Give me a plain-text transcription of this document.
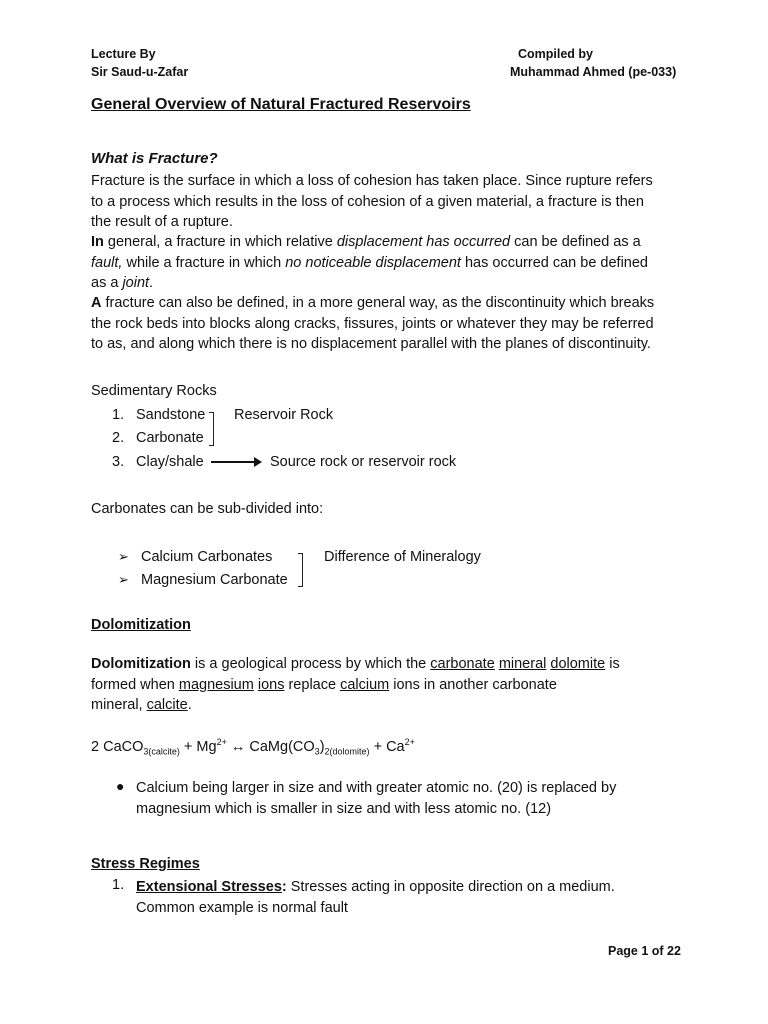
Lecture By
Sir Saud-u-Zafar
Compiled by
Muhammad Ahmed (pe-033)
General Overview of Natural Fractured Reservoirs
What is Fracture?
Fracture is the surface in which a loss of cohesion has taken place. Since rupture refers
to a process which results in the loss of cohesion of a given material, a fracture is then
the result of a rupture.
In general, a fracture in which relative displacement has occurred can be defined as a
fault, while a fracture in which no noticeable displacement has occurred can be defined
as a joint.
A fracture can also be defined, in a more general way, as the discontinuity which breaks
the rock beds into blocks along cracks, fissures, joints or whatever they may be referred
to as, and along which there is no displacement parallel with the planes of discontinuity.
Sedimentary Rocks
1. Sandstone
2. Carbonate
3. Clay/shale
Reservoir Rock
Source rock or reservoir rock
Carbonates can be sub-divided into:
➢ Calcium Carbonates
➢ Magnesium Carbonate
Difference of Mineralogy
Dolomitization
Dolomitization is a geological process by which the carbonate mineral dolomite is
formed when magnesium ions replace calcium ions in another carbonate
mineral, calcite.
2 CaCO$_{3(calcite)}$ + $Mg^{2+}$ ↔ $CaMg(CO_3)_{2(dolomite)} + Ca^{2+}$
● Calcium being larger in size and with greater atomic no. (20) is replaced by
magnesium which is smaller in size and with less atomic no. (12)
Stress Regimes
1. Extensional Stresses: Stresses acting in opposite direction on a medium.
Common example is normal fault
Page 1 of 22
